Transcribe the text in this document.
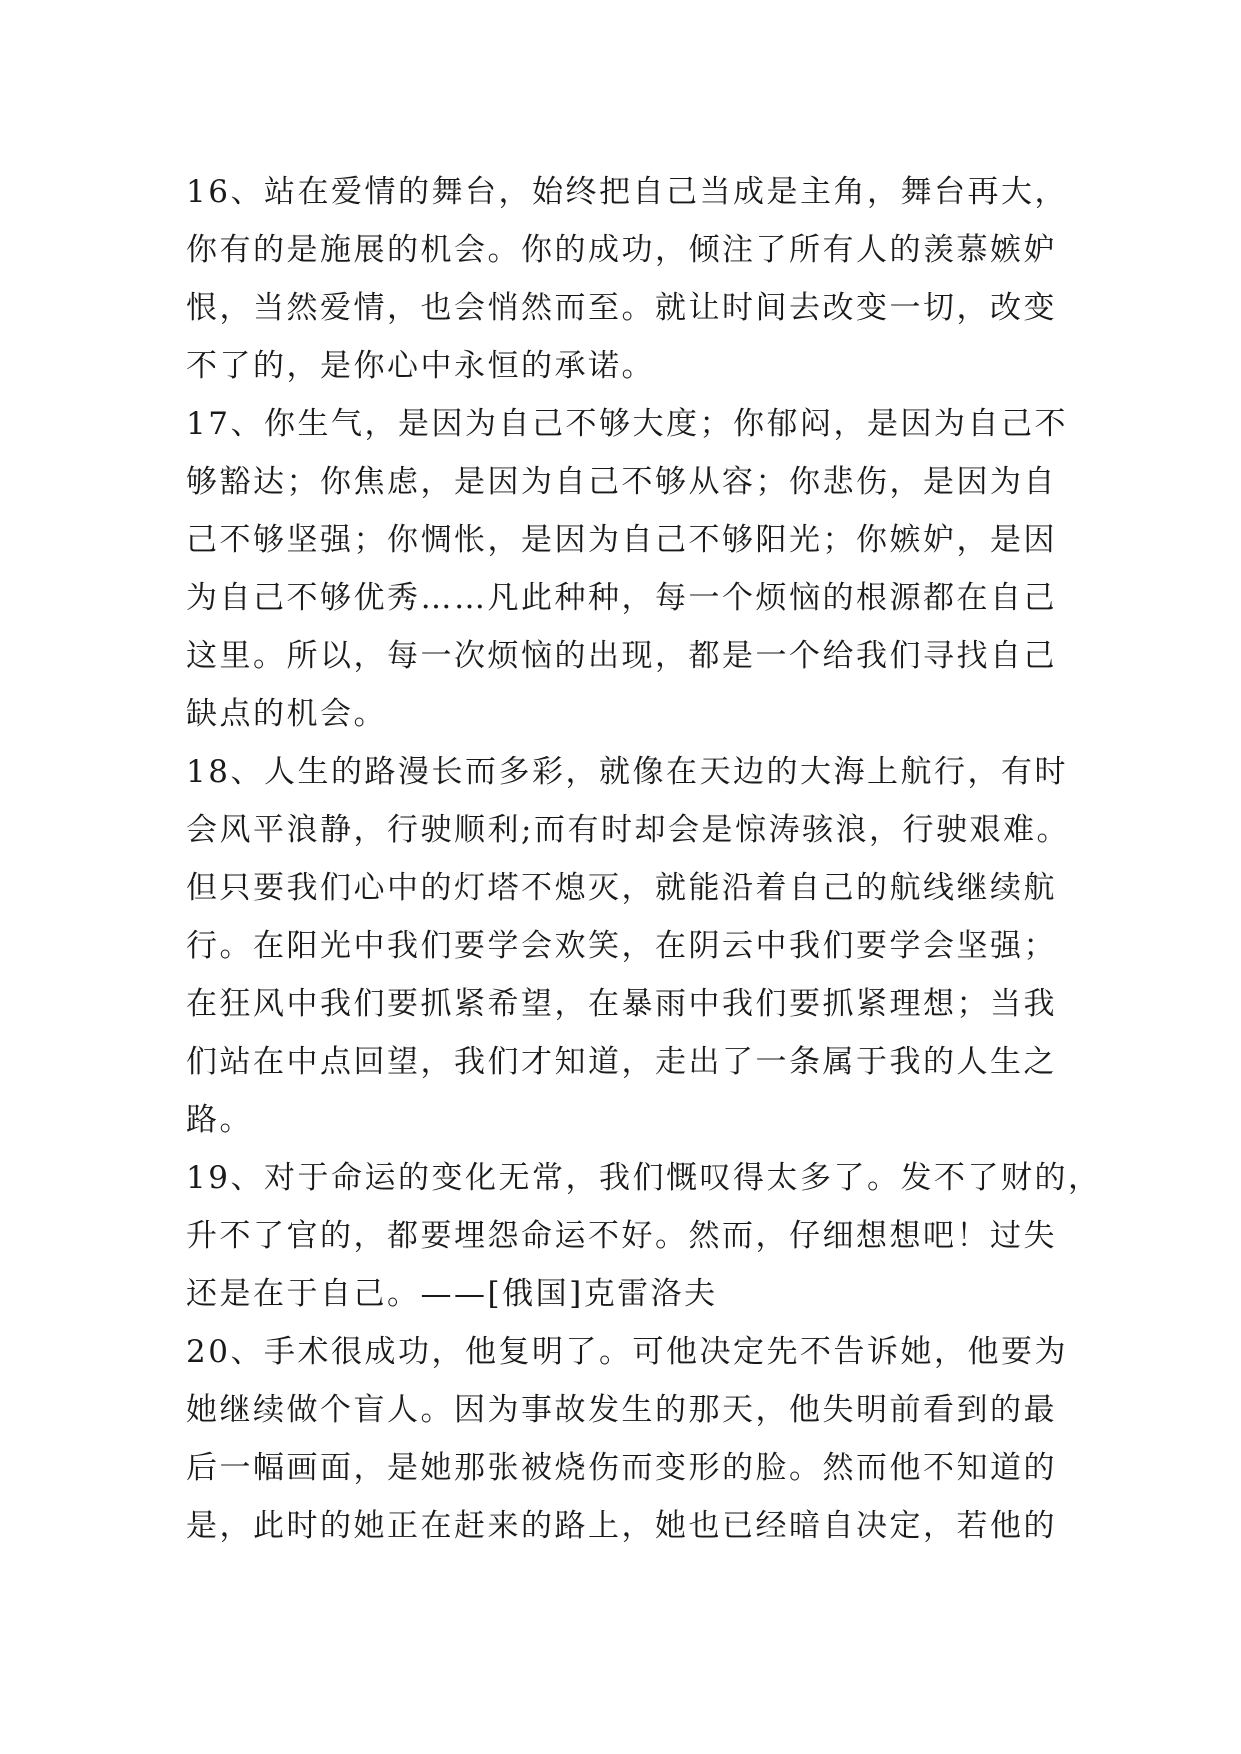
16、站在爱情的舞台，始终把自己当成是主角，舞台再大，
你有的是施展的机会。你的成功，倾注了所有人的羡慕嫉妒
恨，当然爱情，也会悄然而至。就让时间去改变一切，改变
不了的，是你心中永恒的承诺。
17、你生气，是因为自己不够大度；你郁闷，是因为自己不
够豁达；你焦虑，是因为自己不够从容；你悲伤，是因为自
己不够坚强；你惆怅，是因为自己不够阳光；你嫉妒，是因
为自己不够优秀……凡此种种，每一个烦恼的根源都在自己
这里。所以，每一次烦恼的出现，都是一个给我们寻找自己
缺点的机会。
18、人生的路漫长而多彩，就像在天边的大海上航行，有时
会风平浪静，行驶顺利;而有时却会是惊涛骇浪，行驶艰难。
但只要我们心中的灯塔不熄灭，就能沿着自己的航线继续航
行。在阳光中我们要学会欢笑，在阴云中我们要学会坚强；
在狂风中我们要抓紧希望，在暴雨中我们要抓紧理想；当我
们站在中点回望，我们才知道，走出了一条属于我的人生之
路。
19、对于命运的变化无常，我们慨叹得太多了。发不了财的，
升不了官的，都要埋怨命运不好。然而，仔细想想吧！过失
还是在于自己。——[俄国]克雷洛夫
20、手术很成功，他复明了。可他决定先不告诉她，他要为
她继续做个盲人。因为事故发生的那天，他失明前看到的最
后一幅画面，是她那张被烧伤而变形的脸。然而他不知道的
是，此时的她正在赶来的路上，她也已经暗自决定，若他的
